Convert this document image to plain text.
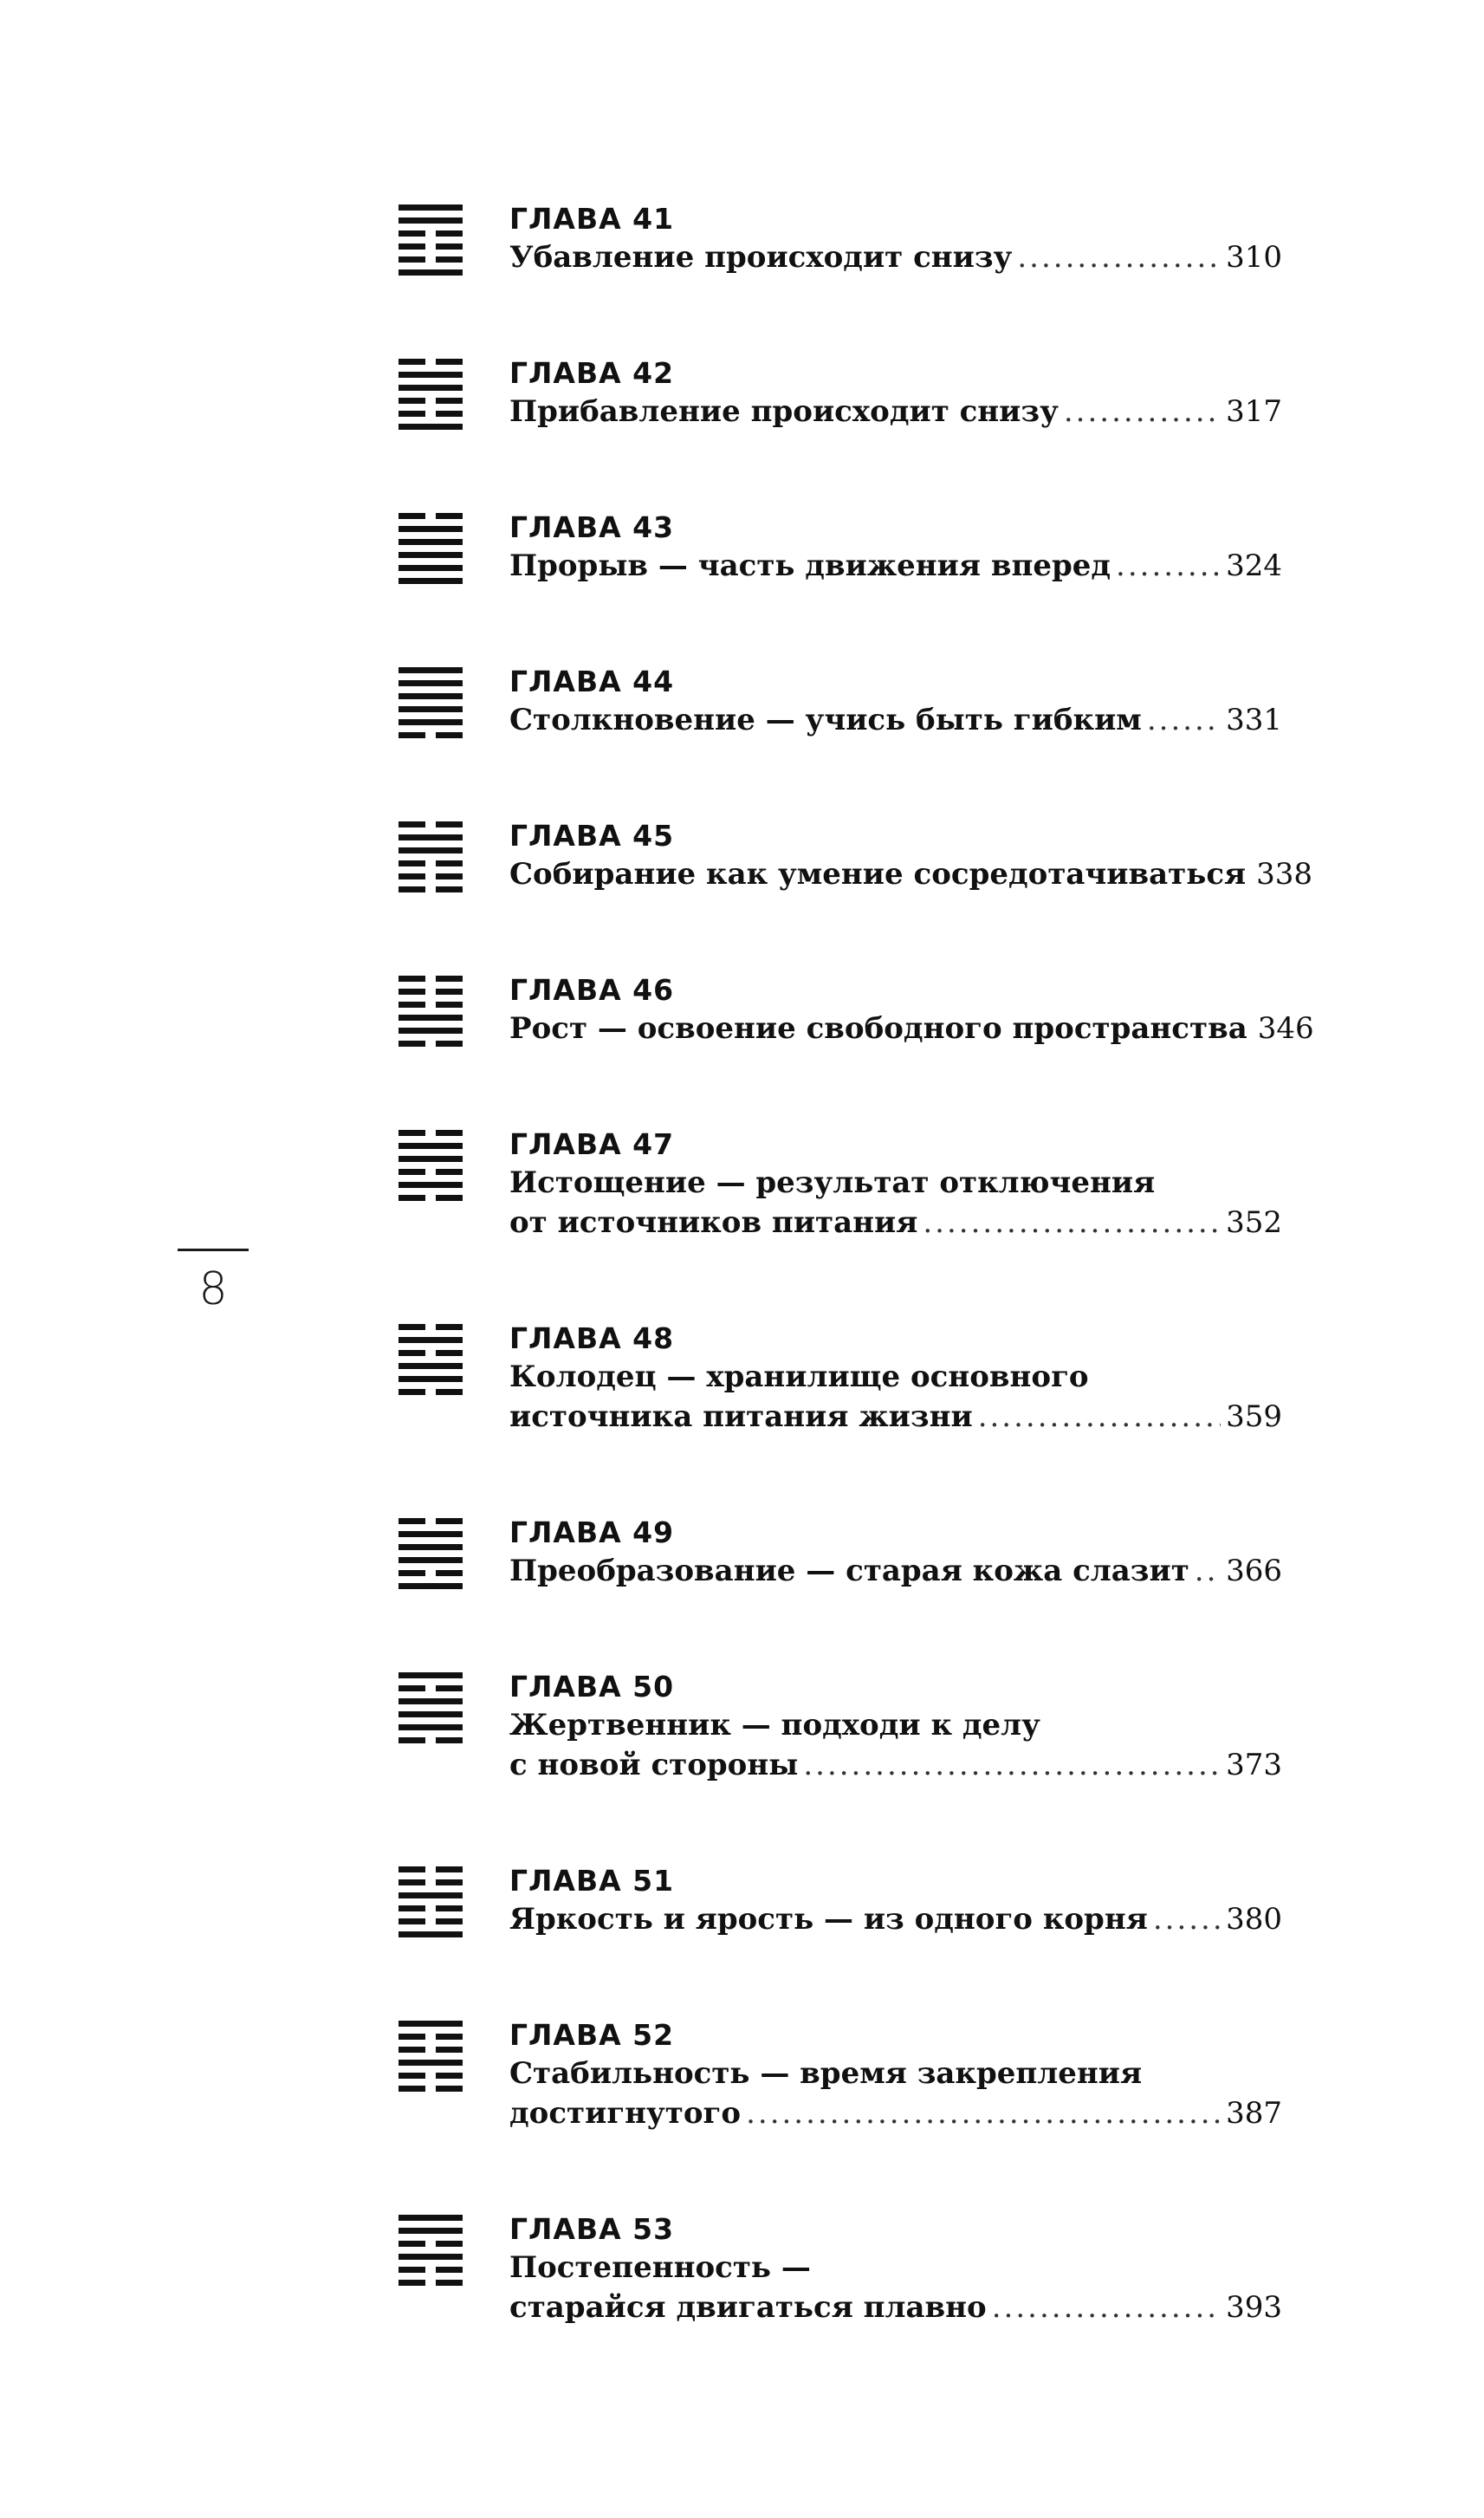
8
ГЛАВА 41
Убавление происходит снизу .....	310
ГЛАВА 42
Прибавление происходит снизу .....	317
ГЛАВА 43
Прорыв — часть движения вперед .....	324
ГЛАВА 44
Столкновение — учись быть гибким .....	331
ГЛАВА 45
Собирание как умение сосредотачиваться 338
ГЛАВА 46
Рост — освоение свободного пространства 346
ГЛАВА 47
Истощение — результат отключения
от источников питания .....	352
ГЛАВА 48
Колодец — хранилище основного
источника питания жизни .....	359
ГЛАВА 49
Преобразование — старая кожа слазит ..... 366
ГЛАВА 50
Жертвенник — подходи к делу
с новой стороны .....	373
ГЛАВА 51
Яркость и ярость — из одного корня .....	380
ГЛАВА 52
Стабильность — время закрепления
достигнутого .....	387
ГЛАВА 53
Постепенность —
старайся двигаться плавно .....	393
